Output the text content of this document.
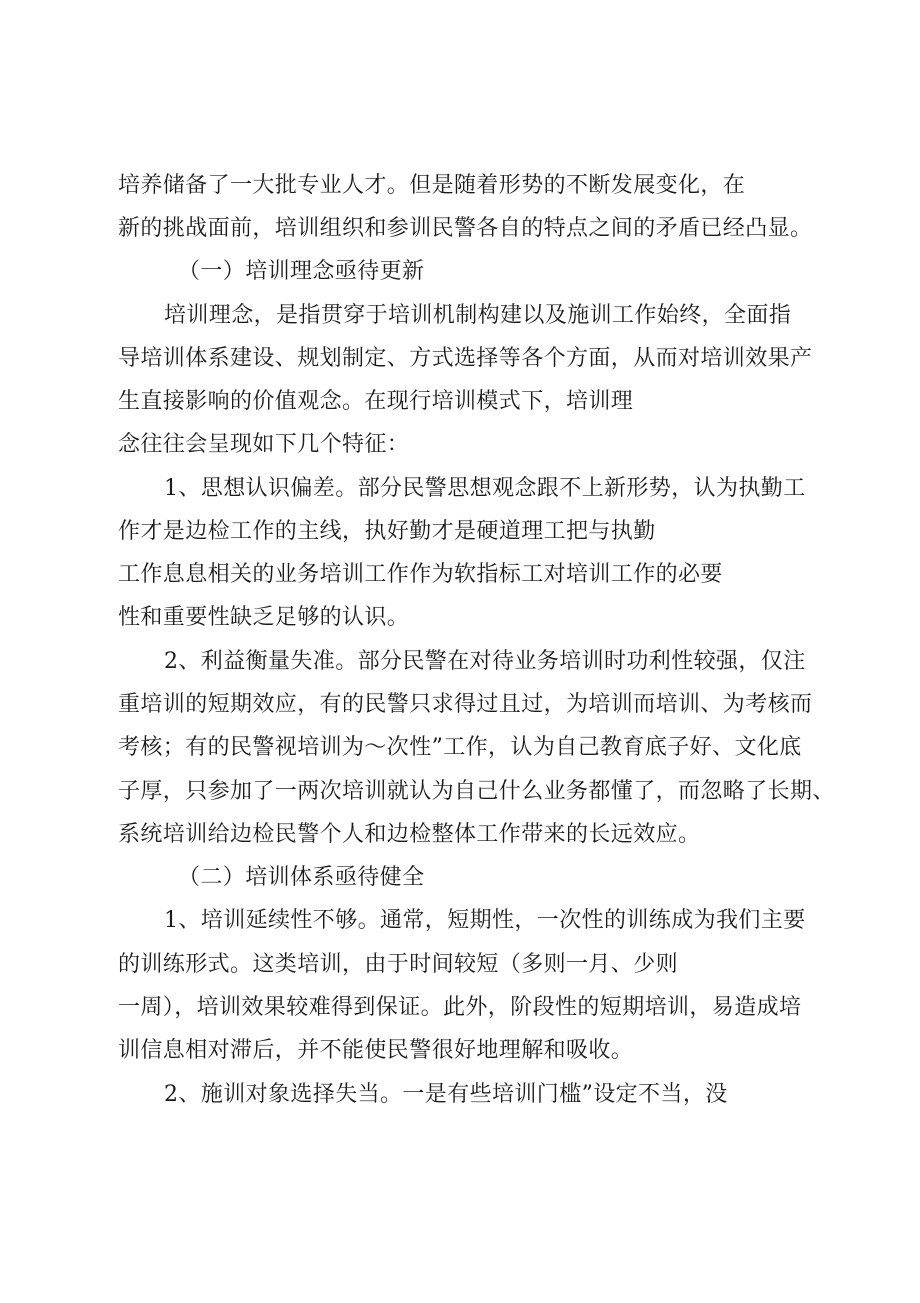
培养储备了一大批专业人才。但是随着形势的不断发展变化，在
新的挑战面前，培训组织和参训民警各自的特点之间的矛盾已经凸显。
（一）培训理念亟待更新
培训理念，是指贯穿于培训机制构建以及施训工作始终，全面指
导培训体系建设、规划制定、方式选择等各个方面，从而对培训效果产
生直接影响的价值观念。在现行培训模式下，培训理
念往往会呈现如下几个特征：
1、思想认识偏差。部分民警思想观念跟不上新形势，认为执勤工
作才是边检工作的主线，执好勤才是硬道理工把与执勤
工作息息相关的业务培训工作作为软指标工对培训工作的必要
性和重要性缺乏足够的认识。
2、利益衡量失准。部分民警在对待业务培训时功利性较强，仅注
重培训的短期效应，有的民警只求得过且过，为培训而培训、为考核而
考核；有的民警视培训为〜次性”工作，认为自己教育底子好、文化底
子厚，只参加了一两次培训就认为自己什么业务都懂了，而忽略了长期、
系统培训给边检民警个人和边检整体工作带来的长远效应。
（二）培训体系亟待健全
1、培训延续性不够。通常，短期性，一次性的训练成为我们主要
的训练形式。这类培训，由于时间较短（多则一月、少则
一周），培训效果较难得到保证。此外，阶段性的短期培训，易造成培
训信息相对滞后，并不能使民警很好地理解和吸收。
2、施训对象选择失当。一是有些培训门槛”设定不当，没
